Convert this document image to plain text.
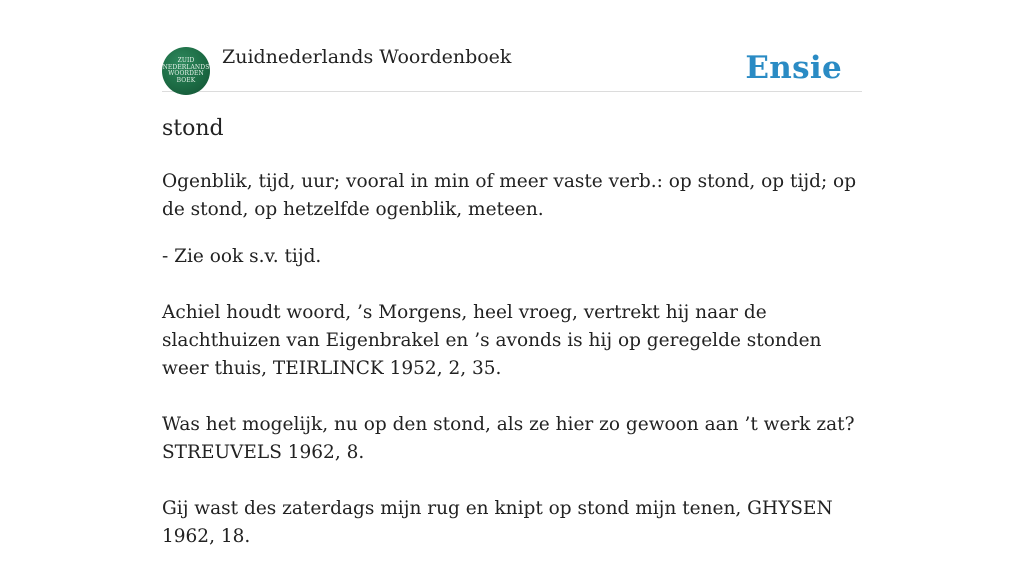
ZUID
NEDERLANDS
WOORDEN
BOEK
Zuidnederlands Woordenboek	Ensie
stond

Ogenblik, tijd, uur; vooral in min of meer vaste verb.: op stond, op tijd; op de stond, op hetzelfde ogenblik, meteen.

- Zie ook s.v. tijd.

Achiel houdt woord, ’s Morgens, heel vroeg, vertrekt hij naar de slachthuizen van Eigenbrakel en ’s avonds is hij op geregelde stonden weer thuis, TEIRLINCK 1952, 2, 35.

Was het mogelijk, nu op den stond, als ze hier zo gewoon aan ’t werk zat? STREUVELS 1962, 8.

Gij wast des zaterdags mijn rug en knipt op stond mijn tenen, GHYSEN 1962, 18.
